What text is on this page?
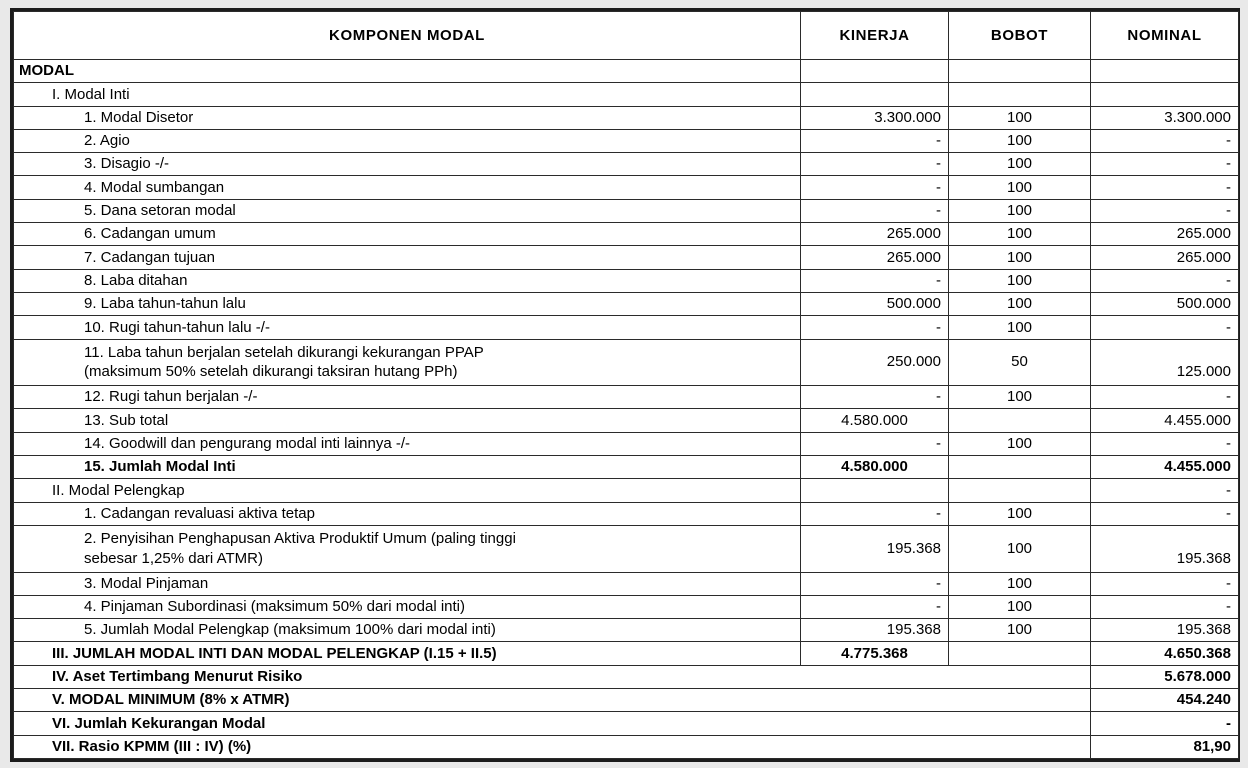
KOMPONEN MODAL	KINERJA	BOBOT	NOMINAL
MODAL			
I. Modal Inti			
1. Modal Disetor	3.300.000	100	3.300.000
2. Agio	-	100	-
3. Disagio -/-	-	100	-
4. Modal sumbangan	-	100	-
5. Dana setoran modal	-	100	-
6. Cadangan umum	265.000	100	265.000
7. Cadangan tujuan	265.000	100	265.000
8. Laba ditahan	-	100	-
9. Laba tahun-tahun lalu	500.000	100	500.000
10. Rugi tahun-tahun lalu -/-	-	100	-
11. Laba tahun berjalan setelah dikurangi kekurangan PPAP
(maksimum 50% setelah dikurangi taksiran hutang PPh)	250.000	50	125.000
12. Rugi tahun berjalan -/-	-	100	-
13. Sub total	4.580.000		4.455.000
14. Goodwill dan pengurang modal inti lainnya -/-	-	100	-
15. Jumlah Modal Inti	4.580.000		4.455.000
II. Modal Pelengkap			-
1. Cadangan revaluasi aktiva tetap	-	100	-
2. Penyisihan Penghapusan Aktiva Produktif Umum (paling tinggi
sebesar 1,25% dari ATMR)	195.368	100	195.368
3. Modal Pinjaman	-	100	-
4. Pinjaman Subordinasi (maksimum 50% dari modal inti)	-	100	-
5. Jumlah Modal Pelengkap (maksimum 100% dari modal inti)	195.368	100	195.368
III. JUMLAH MODAL INTI DAN MODAL PELENGKAP (I.15 + II.5)	4.775.368		4.650.368
IV. Aset Tertimbang Menurut Risiko			5.678.000
V. MODAL MINIMUM (8% x ATMR)			454.240
VI. Jumlah Kekurangan Modal			-
VII. Rasio KPMM (III : IV) (%)			81,90
